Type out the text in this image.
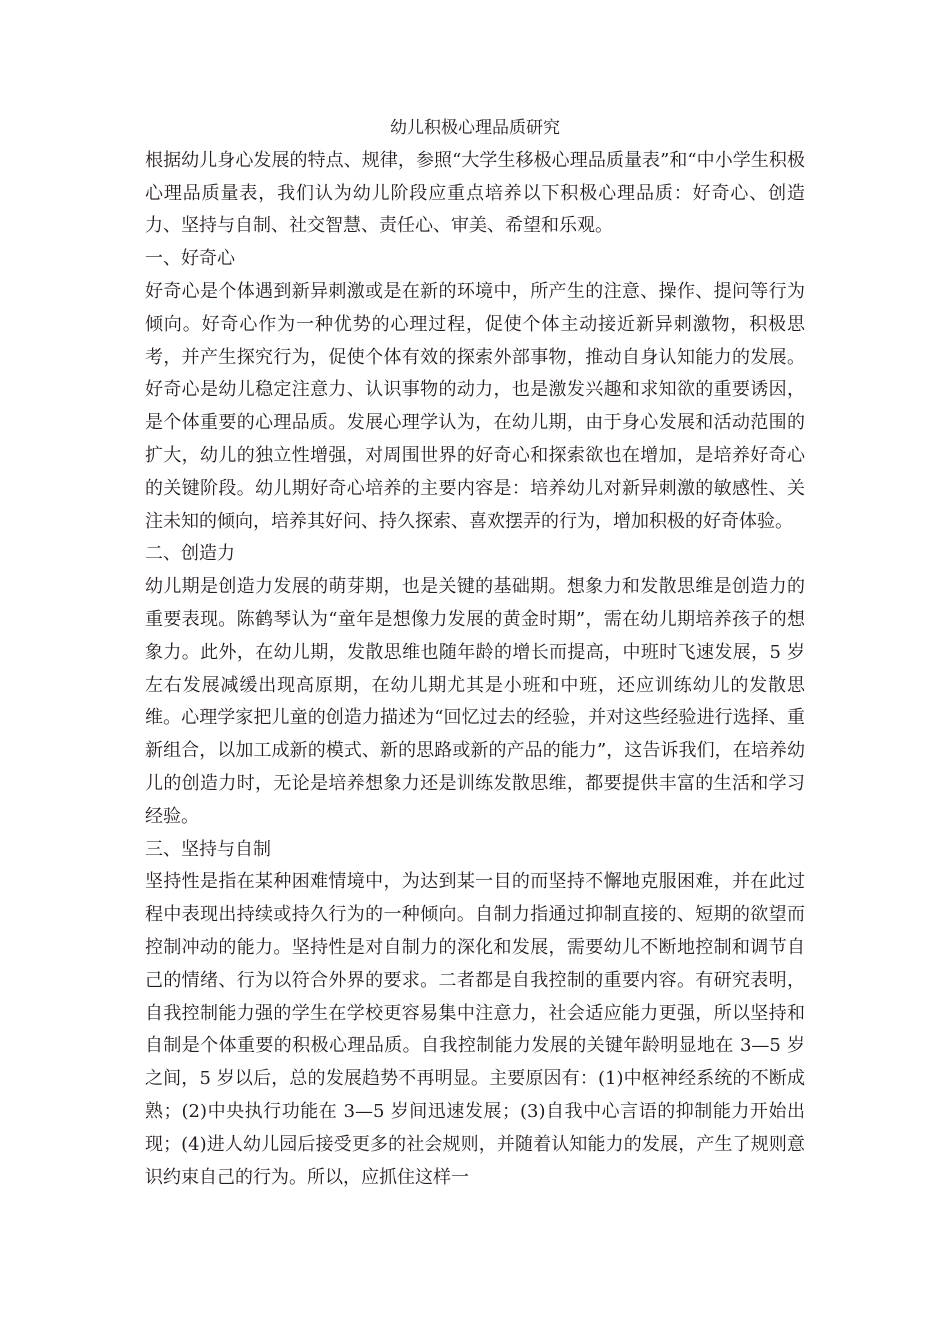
幼儿积极心理品质研究

根据幼儿身心发展的特点、规律，参照“大学生移极心理品质量表”和“中小学生积极心理品质量表，我们认为幼儿阶段应重点培养以下积极心理品质：好奇心、创造力、坚持与自制、社交智慧、责任心、审美、希望和乐观。

一、好奇心

好奇心是个体遇到新异刺激或是在新的环境中，所产生的注意、操作、提问等行为倾向。好奇心作为一种优势的心理过程，促使个体主动接近新异刺激物，积极思考，并产生探究行为，促使个体有效的探索外部事物，推动自身认知能力的发展。好奇心是幼儿稳定注意力、认识事物的动力，也是激发兴趣和求知欲的重要诱因，是个体重要的心理品质。发展心理学认为，在幼儿期，由于身心发展和活动范围的扩大，幼儿的独立性增强，对周围世界的好奇心和探索欲也在增加，是培养好奇心的关键阶段。幼儿期好奇心培养的主要内容是：培养幼儿对新异刺激的敏感性、关注未知的倾向，培养其好问、持久探索、喜欢摆弄的行为，增加积极的好奇体验。

二、创造力

幼儿期是创造力发展的萌芽期，也是关键的基础期。想象力和发散思维是创造力的重要表现。陈鹤琴认为“童年是想像力发展的黄金时期”，需在幼儿期培养孩子的想象力。此外，在幼儿期，发散思维也随年龄的增长而提高，中班时飞速发展，5 岁左右发展减缓出现高原期，在幼儿期尤其是小班和中班，还应训练幼儿的发散思维。心理学家把儿童的创造力描述为“回忆过去的经验，并对这些经验进行选择、重新组合，以加工成新的模式、新的思路或新的产品的能力”，这告诉我们，在培养幼儿的创造力时，无论是培养想象力还是训练发散思维，都要提供丰富的生活和学习经验。

三、坚持与自制

坚持性是指在某种困难情境中，为达到某一目的而坚持不懈地克服困难，并在此过程中表现出持续或持久行为的一种倾向。自制力指通过抑制直接的、短期的欲望而控制冲动的能力。坚持性是对自制力的深化和发展，需要幼儿不断地控制和调节自己的情绪、行为以符合外界的要求。二者都是自我控制的重要内容。有研究表明，自我控制能力强的学生在学校更容易集中注意力，社会适应能力更强，所以坚持和自制是个体重要的积极心理品质。自我控制能力发展的关键年龄明显地在 3—5 岁之间，5 岁以后，总的发展趋势不再明显。主要原因有：(1)中枢神经系统的不断成熟；(2)中央执行功能在 3—5 岁间迅速发展；(3)自我中心言语的抑制能力开始出现；(4)进人幼儿园后接受更多的社会规则，并随着认知能力的发展，产生了规则意识约束自己的行为。所以，应抓住这样一
